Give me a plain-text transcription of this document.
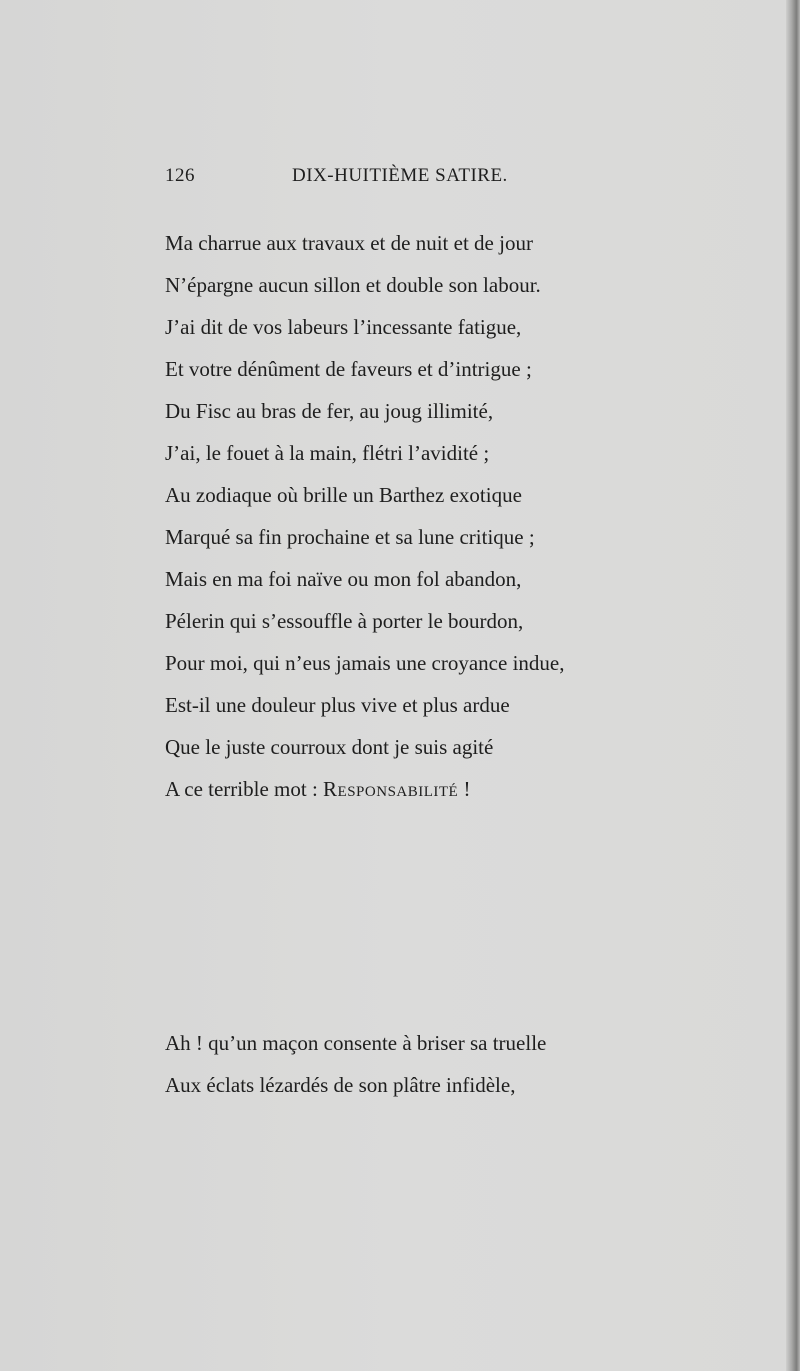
126	DIX-HUITIÈME SATIRE.
Ma charrue aux travaux et de nuit et de jour
N’épargne aucun sillon et double son labour.
J’ai dit de vos labeurs l’incessante fatigue,
Et votre dénûment de faveurs et d’intrigue ;
Du Fisc au bras de fer, au joug illimité,
J’ai, le fouet à la main, flétri l’avidité ;
Au zodiaque où brille un Barthez exotique
Marqué sa fin prochaine et sa lune critique ;
Mais en ma foi naïve ou mon fol abandon,
Pélerin qui s’essouffle à porter le bourdon,
Pour moi, qui n’eus jamais une croyance indue,
Est-il une douleur plus vive et plus ardue
Que le juste courroux dont je suis agité
A ce terrible mot : Responsabilité !
Ah ! qu’un maçon consente à briser sa truelle
Aux éclats lézardés de son plâtre infidèle,
